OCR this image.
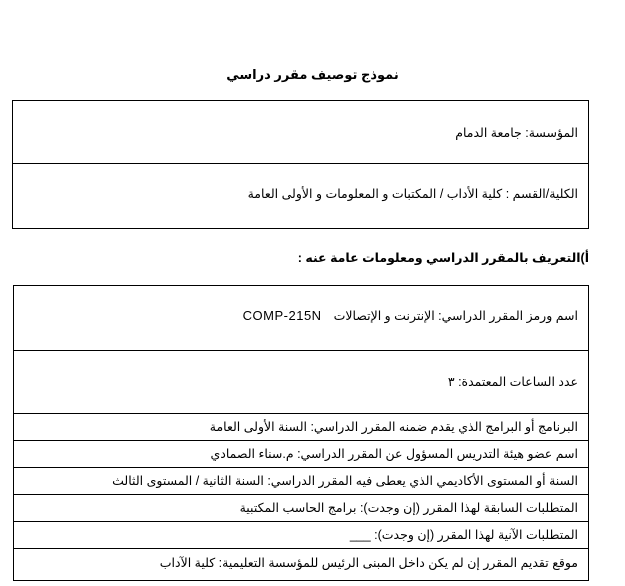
نموذج توصيف مقرر دراسي
المؤسسة: جامعة الدمام
الكلية/القسم : كلية الأداب / المكتبات و المعلومات و الأولى العامة
أ)التعريف بالمقرر الدراسي ومعلومات عامة عنه :
اسم ورمز المقرر الدراسي: الإنترنت و الإتصالاتCOMP-215N
عدد الساعات المعتمدة: ٣
البرنامج أو البرامج الذي يقدم ضمنه المقرر الدراسي: السنة الأولى العامة
اسم عضو هيئة التدريس المسؤول عن المقرر الدراسي: م.سناء الصمادي
السنة أو المستوى الأكاديمي الذي يعطى فيه المقرر الدراسي: السنة الثانية / المستوى الثالث
المتطلبات السابقة لهذا المقرر (إن وجدت): برامج الحاسب المكتبية
المتطلبات الآنية لهذا المقرر (إن وجدت): ___
موقع تقديم المقرر إن لم يكن داخل المبنى الرئيس للمؤسسة التعليمية: كلية الآداب
